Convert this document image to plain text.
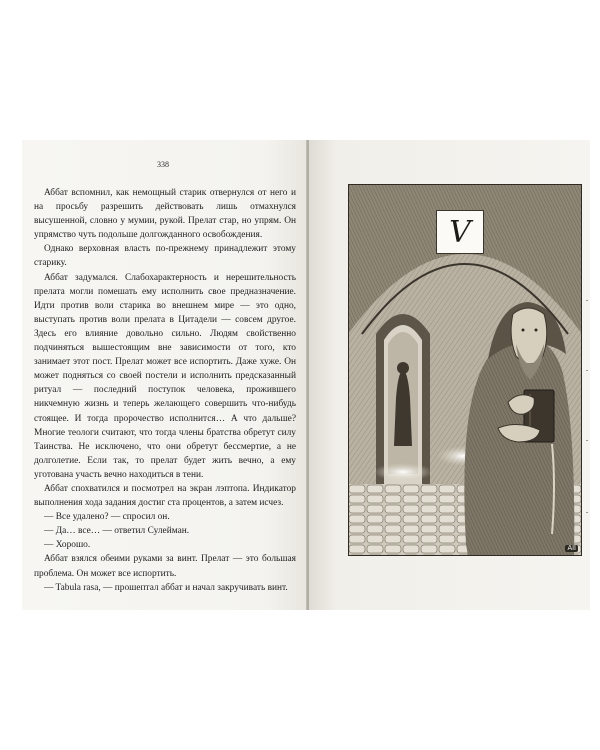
338

Аббат вспомнил, как немощный старик отвернулся от него и на просьбу разрешить действовать лишь отмахнулся высушенной, словно у мумии, рукой. Прелат стар, но упрям. Он упрямство чуть подольше долгожданного освобождения.

Однако верховная власть по-прежнему принадлежит этому старику.

Аббат задумался. Слабохарактерность и нерешительность прелата могли помешать ему исполнить свое предназначение. Идти против воли старика во внешнем мире — это одно, выступать против воли прелата в Цитадели — совсем другое. Здесь его влияние довольно сильно. Людям свойственно подчиняться вышестоящим вне зависимости от того, кто занимает этот пост. Прелат может все испортить. Даже хуже. Он может подняться со своей постели и исполнить предсказанный ритуал — последний поступок человека, прожившего никчемную жизнь и теперь желающего совершить что-нибудь стоящее. И тогда пророчество исполнится… А что дальше? Многие теологи считают, что тогда члены братства обретут силу Таинства. Не исключено, что они обретут бессмертие, а не долголетие. Если так, то прелат будет жить вечно, а ему уготована участь вечно находиться в тени.

Аббат спохватился и посмотрел на экран лэптопа. Индикатор выполнения хода задания достиг ста процентов, а затем исчез.

— Все удалено? — спросил он.

— Да… все… — ответил Сулейман.

— Хорошо.

Аббат взялся обеими руками за винт. Прелат — это большая проблема. Он может все испортить.

— Tabula rasa, — прошептал аббат и начал закручивать винт.

V
AII
